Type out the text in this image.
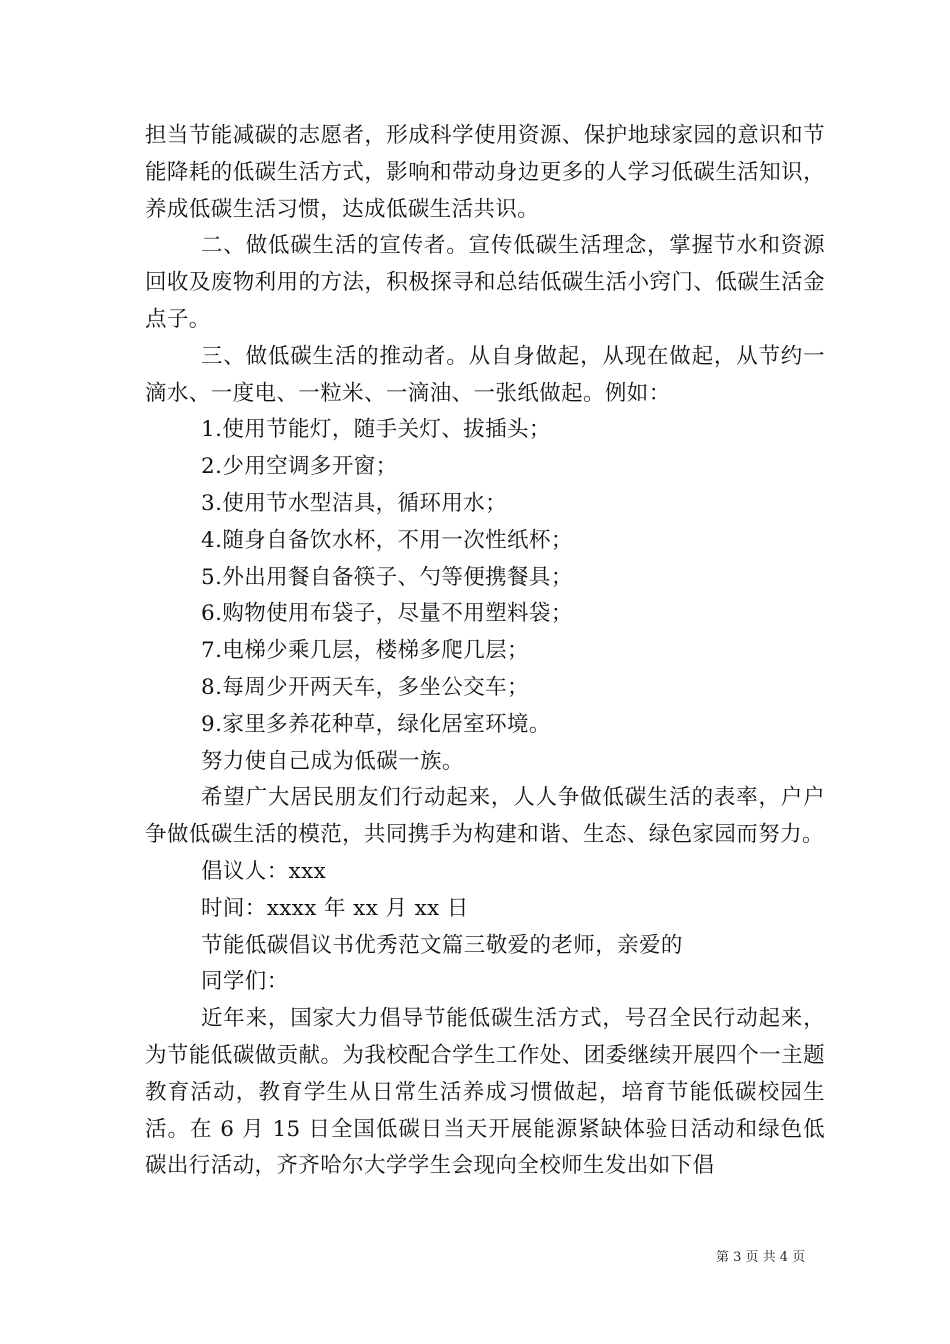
担当节能减碳的志愿者，形成科学使用资源、保护地球家园的意识和节能降耗的低碳生活方式，影响和带动身边更多的人学习低碳生活知识，养成低碳生活习惯，达成低碳生活共识。

二、做低碳生活的宣传者。宣传低碳生活理念，掌握节水和资源回收及废物利用的方法，积极探寻和总结低碳生活小窍门、低碳生活金点子。

三、做低碳生活的推动者。从自身做起，从现在做起，从节约一滴水、一度电、一粒米、一滴油、一张纸做起。例如：

1.使用节能灯，随手关灯、拔插头；

2.少用空调多开窗；

3.使用节水型洁具，循环用水；

4.随身自备饮水杯，不用一次性纸杯；

5.外出用餐自备筷子、勺等便携餐具；

6.购物使用布袋子，尽量不用塑料袋；

7.电梯少乘几层，楼梯多爬几层；

8.每周少开两天车，多坐公交车；

9.家里多养花种草，绿化居室环境。

努力使自己成为低碳一族。

希望广大居民朋友们行动起来，人人争做低碳生活的表率，户户争做低碳生活的模范，共同携手为构建和谐、生态、绿色家园而努力。

倡议人：xxx

时间：xxxx 年 xx 月 xx 日

节能低碳倡议书优秀范文篇三敬爱的老师，亲爱的

同学们：

近年来，国家大力倡导节能低碳生活方式，号召全民行动起来，为节能低碳做贡献。为我校配合学生工作处、团委继续开展四个一主题教育活动，教育学生从日常生活养成习惯做起，培育节能低碳校园生活。在 6 月 15 日全国低碳日当天开展能源紧缺体验日活动和绿色低碳出行活动，齐齐哈尔大学学生会现向全校师生发出如下倡

第 3 页 共 4 页
